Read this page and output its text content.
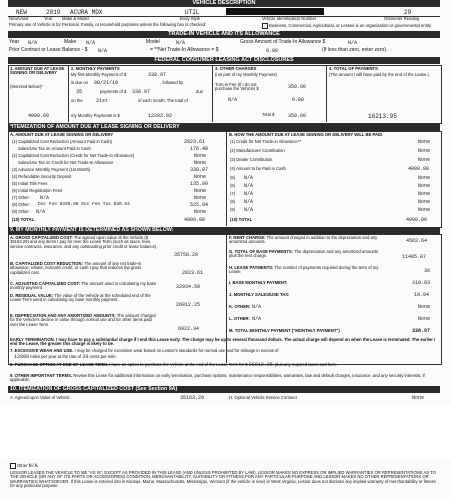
VEHICLE DESCRIPTION
NEW	2019 ACURA MDX	UTIL	29
New/Used	Year Make & Model	Body Style	Vehicle Identification Number	Odometer Reading
Primary use of Vehicle is for Personal, Family, or Household purposes unless the following box is checked:	Business, Commercial, Agricultural, or Lessee is an organization or governmental entity.
TRADE-IN VEHICLE AND ITS ALLOWANCE
Year N/A	Make N/A	Model	N/A	Gross Amount of Trade-In Allowance $	N/A
Prior Contract or Lease Balance - $ N/A	= **Net Trade-In Allowance = $	0.00	(If less than zero, enter zero).
FEDERAL CONSUMER LEASING ACT DISCLOSURES
1. AMOUNT DUE AT LEASE SIGNING OR DELIVERY
(Itemized Below)*
4000.00
2. MONTHLY PAYMENTS
My first Monthly Payment of $	338.97
is due on 08/21/19	, followed by
35	payments of $ 338.97	due
on the	21st	of each month. The total of
my Monthly Payments is $	12202.92
3. OTHER CHARGES
(not part of my Monthly Payment)
Turn-in Fee (If I do not purchase the Vehicle) $	350.00
N/A	0.00
Total $	350.00
4. TOTAL OF PAYMENTS
(The amount I will have paid by the end of the Lease.)
16213.95
*ITEMIZATION OF AMOUNT DUE AT LEASE SIGNING OR DELIVERY
A. AMOUNT DUE AT LEASE SIGNING OR DELIVERY	B. HOW THE AMOUNT DUE AT LEASE SIGNING OR DELIVERY WILL BE PAID
(1) Capitalized Cost Reduction (Amount Paid in Cash)	2823.61
Sales/Use Tax on Amount Paid in Cash	176.48
(2) Capitalized Cost Reduction (Credit for Net Trade-in Allowance)	None
Sales/Use Tax on Credit for Net Trade-In Allowance	None
(3) Advance Monthly Payment (1st Month)	338.97
(4) Refundable Security Deposit	None
(5) Initial Title Fees	135.00
(6) Initial Registration Fees	None
(7) Other: N/A	None
(8) Other: Doc Fee $495.00 Doc Fee Tax $30.94	525.94
(9) Other: N/A	None
(10) TOTAL	4000.00
(1) Credit for Net Trade-in Allowance**	None
(2) Manufacturer Contribution	None
(3) Dealer Contribution	None
(4) Amount to be Paid in Cash	4000.00
(5) N/A	None
(6) N/A	None
(7) N/A	None
(8) N/A	None
(9) N/A	None
(10) TOTAL	4000.00
9. MY MONTHLY PAYMENT IS DETERMINED AS SHOWN BELOW:
A. GROSS CAPITALIZED COST: The agreed upon value of the Vehicle ($ 35163.29) and any items I pay for over the Lease Term (such as taxes, fees, service contracts, insurance, and any outstanding prior credit or lease balance).
35758.20
B. CAPITALIZED COST REDUCTION: The amount of any net trade-in allowance, rebate, noncash credit, or cash I pay that reduces the gross capitalized cost.	2823.61
C. ADJUSTED CAPITALIZED COST: The amount used in calculating my base monthly payment.	32934.59
D. RESIDUAL VALUE: The value of the Vehicle at the scheduled end of the Lease Term used in calculating my base monthly payment.
26012.25
E. DEPRECIATION AND ANY AMORTIZED AMOUNTS: The amount charged for the Vehicle's decline in value through normal use and for other items paid over the Lease Term.
6922.34
F. RENT CHARGE: The amount charged in addition to the depreciation and any amortized amounts.	4562.64
G. TOTAL OF BASE PAYMENTS: The depreciation and any amortized amounts plus the rent charge.	11485.07
H. LEASE PAYMENTS: The number of payments required during the term of my Lease.	36
I. BASE MONTHLY PAYMENT:	319.03
J. MONTHLY SALES/USE TAX:	19.94
K. OTHER: N/A	None
L. OTHER: N/A	None
M. TOTAL MONTHLY PAYMENT ("MONTHLY PAYMENT")	338.97
EARLY TERMINATION. I may have to pay a substantial charge if I end this Lease early. The charge may be up to several thousand dollars. The actual charge will depend on when the Lease is terminated. The earlier I end the Lease, the greater this charge is likely to be.
7. EXCESSIVE WEAR AND USE. I may be charged for excessive wear based on Lessor's standards for normal use and for mileage in excess of
12000 miles per year at the rate of 20 cents per mile.
8. PURCHASE OPTION AT END OF LEASE TERM. I have an option to purchase the Vehicle at the end of the Lease Term for $ 26012.25, plus any required taxes and fees.
9. OTHER IMPORTANT TERMS. Review this Lease for additional information on early termination, purchase options, maintenance responsibilities, warranties, late and default charges, insurance, and any security interests, if applicable.
10. ITEMIZATION OF GROSS CAPITALIZED COST (See Section 9A)
A. Agreed upon Value of Vehicle	35163.29	H. Optional Vehicle Service Contract	None
Other N/A
LESSOR LEASES THE VEHICLE TO ME "AS IS", EXCEPT AS PROVIDED IN THIS LEASE (AND UNLESS PROHIBITED BY LAW). LESSOR MAKES NO EXPRESS OR IMPLIED WARRANTIES OR REPRESENTATIONS AS TO THE VEHICLE (OR ANY OF ITS PARTS OR ACCESSORIES) CONDITION, MERCHANTABILITY, SUITABILITY OR FITNESS FOR ANY PARTICULAR PURPOSE AND LESSOR MAKES NO OTHER REPRESENTATIONS OR WARRANTIES WHATSOEVER. If this Lease is entered into in Kansas, Maine, Massachusetts, Mississippi, Vermont (if the vehicle is new) or West Virginia, Lessor does not disclaim any implied warranty of merchantability or fitness for any particular purpose.
